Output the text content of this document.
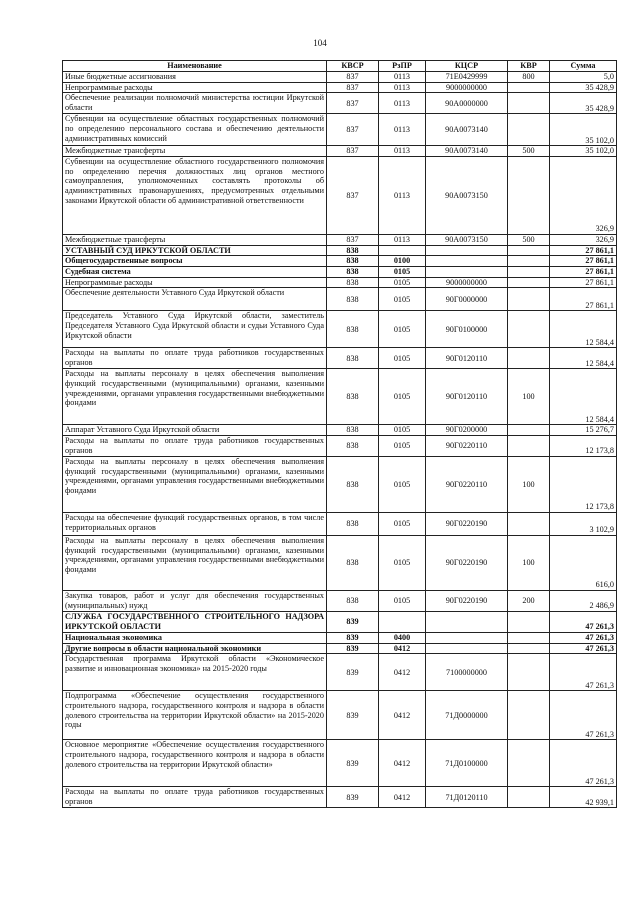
104
Наименование	КВСР	РзПР	КЦСР	КВР	Сумма
Иные бюджетные ассигнования	837	0113	71Е0429999	800	5,0
Непрограммные расходы	837	0113	9000000000		35 428,9
Обеспечение реализации полномочий министерства юстиции Иркутской области	837	0113	90А0000000		35 428,9
Субвенции на осуществление областных государственных полномочий по определению персонального состава и обеспечению деятельности административных комиссий	837	0113	90А0073140		35 102,0
Межбюджетные трансферты	837	0113	90А0073140	500	35 102,0
Субвенции на осуществление областного государственного полномочия по определению перечня должностных лиц органов местного самоуправления, уполномоченных составлять протоколы об административных правонарушениях, предусмотренных отдельными законами Иркутской области об административной ответственности	837	0113	90А0073150		326,9
Межбюджетные трансферты	837	0113	90А0073150	500	326,9
УСТАВНЫЙ СУД ИРКУТСКОЙ ОБЛАСТИ	838				27 861,1
Общегосударственные вопросы	838	0100			27 861,1
Судебная система	838	0105			27 861,1
Непрограммные расходы	838	0105	9000000000		27 861,1
Обеспечение деятельности Уставного Суда Иркутской области	838	0105	90Г0000000		27 861,1
Председатель Уставного Суда Иркутской области, заместитель Председателя Уставного Суда Иркутской области и судьи Уставного Суда Иркутской области	838	0105	90Г0100000		12 584,4
Расходы на выплаты по оплате труда работников государственных органов	838	0105	90Г0120110		12 584,4
Расходы на выплаты персоналу в целях обеспечения выполнения функций государственными (муниципальными) органами, казенными учреждениями, органами управления государственными внебюджетными фондами	838	0105	90Г0120110	100	12 584,4
Аппарат Уставного Суда Иркутской области	838	0105	90Г0200000		15 276,7
Расходы на выплаты по оплате труда работников государственных органов	838	0105	90Г0220110		12 173,8
Расходы на выплаты персоналу в целях обеспечения выполнения функций государственными (муниципальными) органами, казенными учреждениями, органами управления государственными внебюджетными фондами	838	0105	90Г0220110	100	12 173,8
Расходы на обеспечение функций государственных органов, в том числе территориальных органов	838	0105	90Г0220190		3 102,9
Расходы на выплаты персоналу в целях обеспечения выполнения функций государственными (муниципальными) органами, казенными учреждениями, органами управления государственными внебюджетными фондами	838	0105	90Г0220190	100	616,0
Закупка товаров, работ и услуг для обеспечения государственных (муниципальных) нужд	838	0105	90Г0220190	200	2 486,9
СЛУЖБА ГОСУДАРСТВЕННОГО СТРОИТЕЛЬНОГО НАДЗОРА ИРКУТСКОЙ ОБЛАСТИ	839				47 261,3
Национальная экономика	839	0400			47 261,3
Другие вопросы в области национальной экономики	839	0412			47 261,3
Государственная программа Иркутской области «Экономическое развитие и инновационная экономика» на 2015-2020 годы	839	0412	7100000000		47 261,3
Подпрограмма «Обеспечение осуществления государственного строительного надзора, государственного контроля и надзора в области долевого строительства на территории Иркутской области» на 2015-2020 годы	839	0412	71Д0000000		47 261,3
Основное мероприятие «Обеспечение осуществления государственного строительного надзора, государственного контроля и надзора в области долевого строительства на территории Иркутской области»	839	0412	71Д0100000		47 261,3
Расходы на выплаты по оплате труда работников государственных органов	839	0412	71Д0120110		42 939,1
